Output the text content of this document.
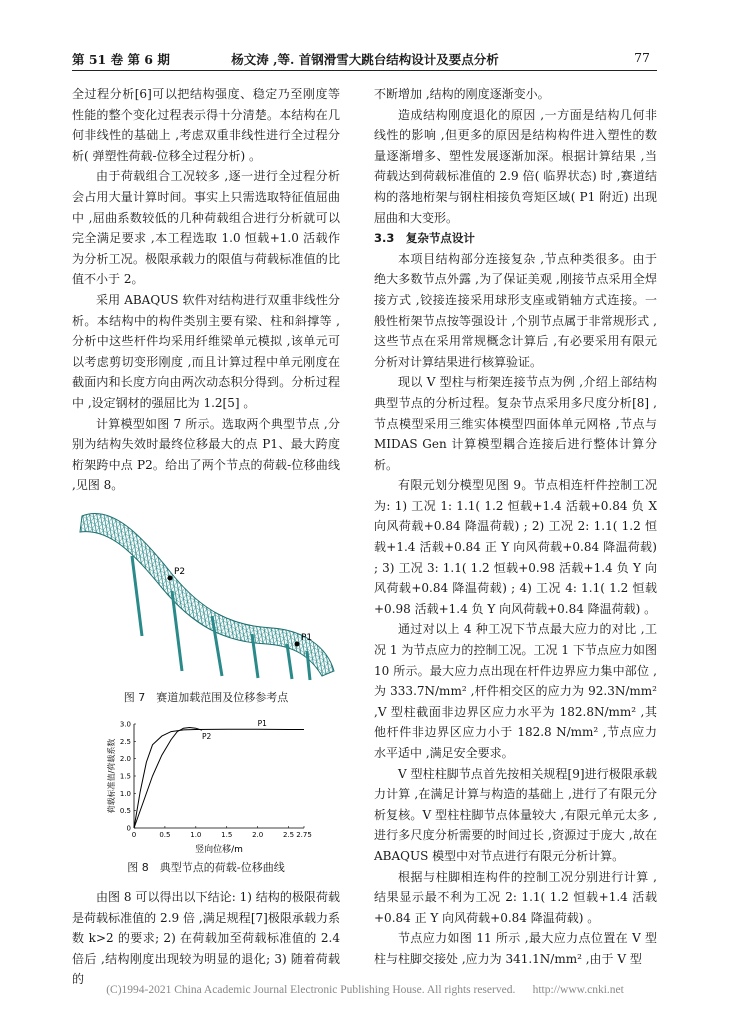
第 51 卷 第 6 期	杨文涛 ,等. 首钢滑雪大跳台结构设计及要点分析	77

全过程分析[6]可以把结构强度、稳定乃至刚度等性能的整个变化过程表示得十分清楚。本结构在几何非线性的基础上 ,考虑双重非线性进行全过程分析( 弹塑性荷载-位移全过程分析) 。

由于荷载组合工况较多 ,逐一进行全过程分析会占用大量计算时间。事实上只需选取特征值屈曲中 ,屈曲系数较低的几种荷载组合进行分析就可以完全满足要求 ,本工程选取 1.0 恒载+1.0 活载作为分析工况。极限承载力的限值与荷载标准值的比值不小于 2。

采用 ABAQUS 软件对结构进行双重非线性分析。本结构中的构件类别主要有梁、柱和斜撑等 ,分析中这些杆件均采用纤维梁单元模拟 ,该单元可以考虑剪切变形刚度 ,而且计算过程中单元刚度在截面内和长度方向由两次动态积分得到。分析过程中 ,设定钢材的强屈比为 1.2[5] 。

计算模型如图 7 所示。选取两个典型节点 ,分别为结构失效时最终位移最大的点 P1、最大跨度桁架跨中点 P2。给出了两个节点的荷载-位移曲线 ,见图 8。

P2
P1
图 7　赛道加载范围及位移参考点
0	0.5	1.0	1.5	2.0	2.5 2.75
0
0.5
1.0
1.5
2.0
2.5
3.0	P1
P2
竖向位移/m
荷载标准值/荷载系数
图 8　典型节点的荷载-位移曲线

由图 8 可以得出以下结论: 1) 结构的极限荷载是荷载标准值的 2.9 倍 ,满足规程[7]极限承载力系数 k>2 的要求; 2) 在荷载加至荷载标准值的 2.4 倍后 ,结构刚度出现较为明显的退化; 3) 随着荷载的

不断增加 ,结构的刚度逐渐变小。

造成结构刚度退化的原因 ,一方面是结构几何非线性的影响 ,但更多的原因是结构构件进入塑性的数量逐渐增多、塑性发展逐渐加深。根据计算结果 ,当荷载达到荷载标准值的 2.9 倍( 临界状态) 时 ,赛道结构的落地桁架与钢柱相接负弯矩区域( P1 附近) 出现屈曲和大变形。

3.3　复杂节点设计

本项目结构部分连接复杂 ,节点种类很多。由于绝大多数节点外露 ,为了保证美观 ,刚接节点采用全焊接方式 ,铰接连接采用球形支座或销轴方式连接。一般性桁架节点按等强设计 ,个别节点属于非常规形式 ,这些节点在采用常规概念计算后 ,有必要采用有限元分析对计算结果进行核算验证。

现以 V 型柱与桁架连接节点为例 ,介绍上部结构典型节点的分析过程。复杂节点采用多尺度分析[8] ,节点模型采用三维实体模型四面体单元网格 ,节点与 MIDAS Gen 计算模型耦合连接后进行整体计算分析。

有限元划分模型见图 9。节点相连杆件控制工况为: 1) 工况 1: 1.1( 1.2 恒载+1.4 活载+0.84 负 X 向风荷载+0.84 降温荷载) ; 2) 工况 2: 1.1( 1.2 恒载+1.4 活载+0.84 正 Y 向风荷载+0.84 降温荷载) ; 3) 工况 3: 1.1( 1.2 恒载+0.98 活载+1.4 负 Y 向风荷载+0.84 降温荷载) ; 4) 工况 4: 1.1( 1.2 恒载+0.98 活载+1.4 负 Y 向风荷载+0.84 降温荷载) 。

通过对以上 4 种工况下节点最大应力的对比 ,工况 1 为节点应力的控制工况。工况 1 下节点应力如图 10 所示。最大应力点出现在杆件边界应力集中部位 ,为 333.7N/mm² ,杆件相交区的应力为 92.3N/mm² ,V 型柱截面非边界区应力水平为 182.8N/mm² ,其他杆件非边界区应力小于 182.8 N/mm² ,节点应力水平适中 ,满足安全要求。

V 型柱柱脚节点首先按相关规程[9]进行极限承载力计算 ,在满足计算与构造的基础上 ,进行了有限元分析复核。V 型柱柱脚节点体量较大 ,有限元单元太多 ,进行多尺度分析需要的时间过长 ,资源过于庞大 ,故在 ABAQUS 模型中对节点进行有限元分析计算。

根据与柱脚相连构件的控制工况分别进行计算 ,结果显示最不利为工况 2: 1.1( 1.2 恒载+1.4 活载+0.84 正 Y 向风荷载+0.84 降温荷载) 。

节点应力如图 11 所示 ,最大应力点位置在 V 型柱与柱脚交接处 ,应力为 341.1N/mm² ,由于 V 型

(C)1994-2021 China Academic Journal Electronic Publishing House. All rights reserved.      http://www.cnki.net
